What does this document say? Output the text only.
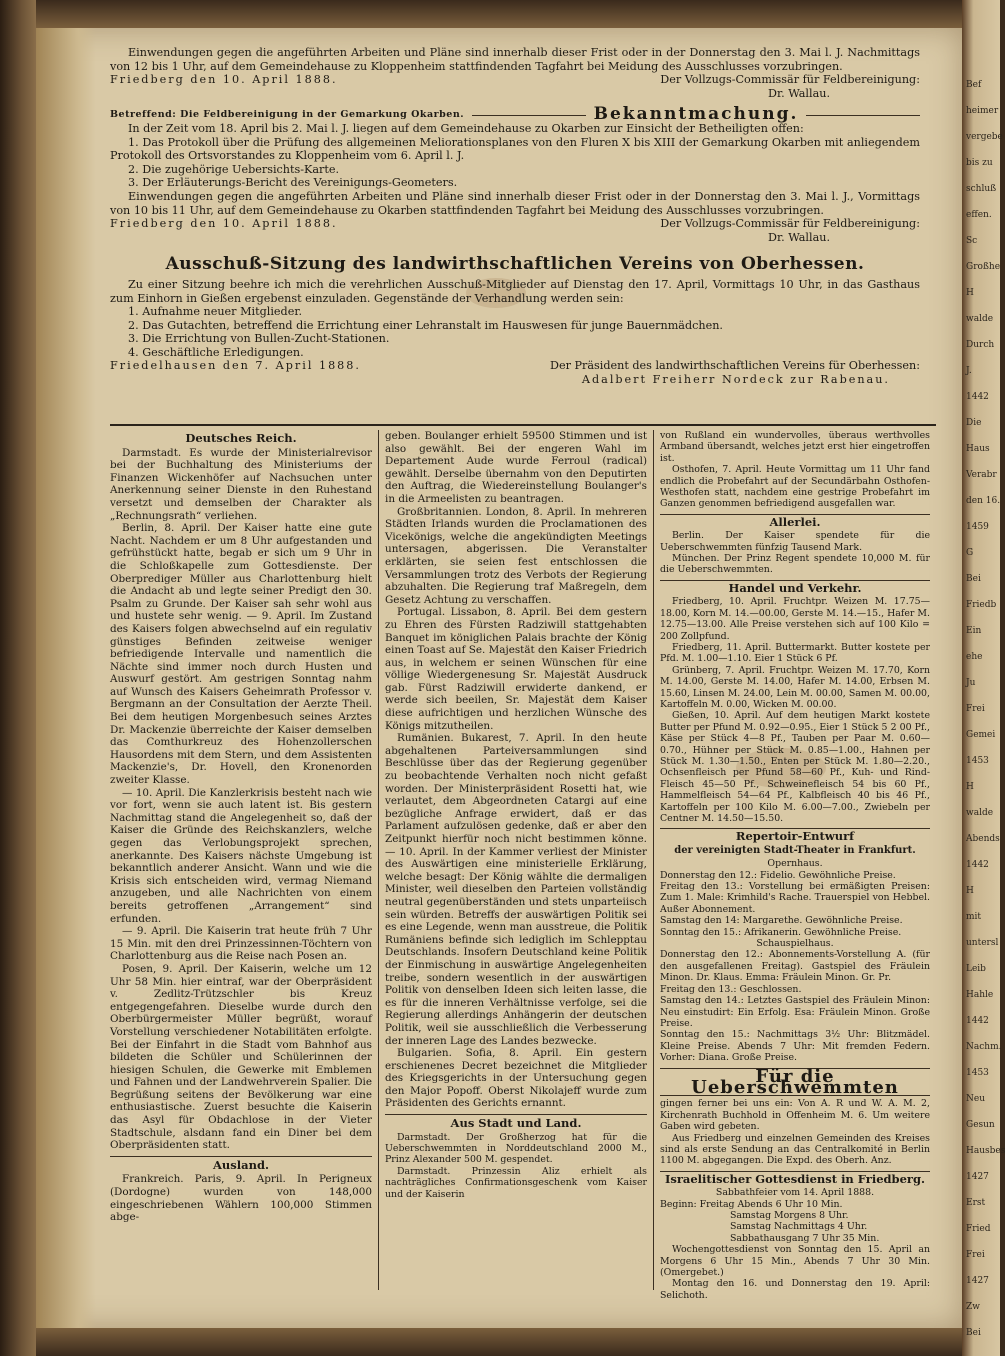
Einwendungen gegen die angeführten Arbeiten und Pläne sind innerhalb dieser Frist oder in der Donnerstag den 3. Mai l. J. Nachmittags von 12 bis 1 Uhr, auf dem Gemeindehause zu Kloppenheim stattfindenden Tagfahrt bei Meidung des Ausschlusses vorzubringen.

Friedberg den 10. April 1888.	Der Vollzugs-Commissär für Feldbereinigung:
Dr. Wallau.
Betreffend: Die Feldbereinigung in der Gemarkung Okarben.	Bekanntmachung.

In der Zeit vom 18. April bis 2. Mai l. J. liegen auf dem Gemeindehause zu Okarben zur Einsicht der Betheiligten offen:

1. Das Protokoll über die Prüfung des allgemeinen Meliorationsplanes von den Fluren X bis XIII der Gemarkung Okarben mit anliegendem Protokoll des Ortsvorstandes zu Kloppenheim vom 6. April l. J.

2. Die zugehörige Uebersichts-Karte.

3. Der Erläuterungs-Bericht des Vereinigungs-Geometers.

Einwendungen gegen die angeführten Arbeiten und Pläne sind innerhalb dieser Frist oder in der Donnerstag den 3. Mai l. J., Vormittags von 10 bis 11 Uhr, auf dem Gemeindehause zu Okarben stattfindenden Tagfahrt bei Meidung des Ausschlusses vorzubringen.

Friedberg den 10. April 1888.	Der Vollzugs-Commissär für Feldbereinigung:
Dr. Wallau.
Ausschuß-Sitzung des landwirthschaftlichen Vereins von Oberhessen.

Zu einer Sitzung beehre ich mich die verehrlichen Ausschuß-Mitglieder auf Dienstag den 17. April, Vormittags 10 Uhr, in das Gasthaus zum Einhorn in Gießen ergebenst einzuladen. Gegenstände der Verhandlung werden sein:

1. Aufnahme neuer Mitglieder.

2. Das Gutachten, betreffend die Errichtung einer Lehranstalt im Hauswesen für junge Bauernmädchen.

3. Die Errichtung von Bullen-Zucht-Stationen.

4. Geschäftliche Erledigungen.

Friedelhausen den 7. April 1888.	Der Präsident des landwirthschaftlichen Vereins für Oberhessen:
Adalbert Freiherr Nordeck zur Rabenau.
Deutsches Reich.

Darmstadt. Es wurde der Ministerialrevisor bei der Buchhaltung des Ministeriums der Finanzen Wickenhöfer auf Nachsuchen unter Anerkennung seiner Dienste in den Ruhestand versetzt und demselben der Charakter als „Rechnungsrath“ verliehen.

Berlin, 8. April. Der Kaiser hatte eine gute Nacht. Nachdem er um 8 Uhr aufgestanden und gefrühstückt hatte, begab er sich um 9 Uhr in die Schloßkapelle zum Gottesdienste. Der Oberprediger Müller aus Charlottenburg hielt die Andacht ab und legte seiner Predigt den 30. Psalm zu Grunde. Der Kaiser sah sehr wohl aus und hustete sehr wenig. — 9. April. Im Zustand des Kaisers folgen abwechselnd auf ein regulativ günstiges Befinden zeitweise weniger befriedigende Intervalle und namentlich die Nächte sind immer noch durch Husten und Auswurf gestört. Am gestrigen Sonntag nahm auf Wunsch des Kaisers Geheimrath Professor v. Bergmann an der Consultation der Aerzte Theil. Bei dem heutigen Morgenbesuch seines Arztes Dr. Mackenzie überreichte der Kaiser demselben das Comthurkreuz des Hohenzollerschen Hausordens mit dem Stern, und dem Assistenten Mackenzie's, Dr. Hovell, den Kronenorden zweiter Klasse.

— 10. April. Die Kanzlerkrisis besteht nach wie vor fort, wenn sie auch latent ist. Bis gestern Nachmittag stand die Angelegenheit so, daß der Kaiser die Gründe des Reichskanzlers, welche gegen das Verlobungsprojekt sprechen, anerkannte. Des Kaisers nächste Umgebung ist bekanntlich anderer Ansicht. Wann und wie die Krisis sich entscheiden wird, vermag Niemand anzugeben, und alle Nachrichten von einem bereits getroffenen „Arrangement“ sind erfunden.

— 9. April. Die Kaiserin trat heute früh 7 Uhr 15 Min. mit den drei Prinzessinnen-Töchtern von Charlottenburg aus die Reise nach Posen an.

Posen, 9. April. Der Kaiserin, welche um 12 Uhr 58 Min. hier eintraf, war der Oberpräsident v. Zedlitz-Trützschler bis Kreuz entgegengefahren. Dieselbe wurde durch den Oberbürgermeister Müller begrüßt, worauf Vorstellung verschiedener Notabilitäten erfolgte. Bei der Einfahrt in die Stadt vom Bahnhof aus bildeten die Schüler und Schülerinnen der hiesigen Schulen, die Gewerke mit Emblemen und Fahnen und der Landwehrverein Spalier. Die Begrüßung seitens der Bevölkerung war eine enthusiastische. Zuerst besuchte die Kaiserin das Asyl für Obdachlose in der Vieter Stadtschule, alsdann fand ein Diner bei dem Oberpräsidenten statt.

Ausland.

Frankreich. Paris, 9. April. In Perigneux (Dordogne) wurden von 148,000 eingeschriebenen Wählern 100,000 Stimmen abge-

geben. Boulanger erhielt 59500 Stimmen und ist also gewählt. Bei der engeren Wahl im Departement Aude wurde Ferroul (radical) gewählt. Derselbe übernahm von den Deputirten den Auftrag, die Wiedereinstellung Boulanger's in die Armeelisten zu beantragen.

Großbritannien. London, 8. April. In mehreren Städten Irlands wurden die Proclamationen des Vicekönigs, welche die angekündigten Meetings untersagen, abgerissen. Die Veranstalter erklärten, sie seien fest entschlossen die Versammlungen trotz des Verbots der Regierung abzuhalten. Die Regierung traf Maßregeln, dem Gesetz Achtung zu verschaffen.

Portugal. Lissabon, 8. April. Bei dem gestern zu Ehren des Fürsten Radziwill stattgehabten Banquet im königlichen Palais brachte der König einen Toast auf Se. Majestät den Kaiser Friedrich aus, in welchem er seinen Wünschen für eine völlige Wiedergenesung Sr. Majestät Ausdruck gab. Fürst Radziwill erwiderte dankend, er werde sich beeilen, Sr. Majestät dem Kaiser diese aufrichtigen und herzlichen Wünsche des Königs mitzutheilen.

Rumänien. Bukarest, 7. April. In den heute abgehaltenen Parteiversammlungen sind Beschlüsse über das der Regierung gegenüber zu beobachtende Verhalten noch nicht gefaßt worden. Der Ministerpräsident Rosetti hat, wie verlautet, dem Abgeordneten Catargi auf eine bezügliche Anfrage erwidert, daß er das Parlament aufzulösen gedenke, daß er aber den Zeitpunkt hierfür noch nicht bestimmen könne. — 10. April. In der Kammer verliest der Minister des Auswärtigen eine ministerielle Erklärung, welche besagt: Der König wählte die dermaligen Minister, weil dieselben den Parteien vollständig neutral gegenüberständen und stets unparteiisch sein würden. Betreffs der auswärtigen Politik sei es eine Legende, wenn man ausstreue, die Politik Rumäniens befinde sich lediglich im Schlepptau Deutschlands. Insofern Deutschland keine Politik der Einmischung in auswärtige Angelegenheiten treibe, sondern wesentlich in der auswärtigen Politik von denselben Ideen sich leiten lasse, die es für die inneren Verhältnisse verfolge, sei die Regierung allerdings Anhängerin der deutschen Politik, weil sie ausschließlich die Verbesserung der inneren Lage des Landes bezwecke.

Bulgarien. Sofia, 8. April. Ein gestern erschienenes Decret bezeichnet die Mitglieder des Kriegsgerichts in der Untersuchung gegen den Major Popoff. Oberst Nikolajeff wurde zum Präsidenten des Gerichts ernannt.

Aus Stadt und Land.

Darmstadt. Der Großherzog hat für die Ueberschwemmten in Norddeutschland 2000 M., Prinz Alexander 500 M. gespendet.

Darmstadt. Prinzessin Aliz erhielt als nachträgliches Confirmationsgeschenk vom Kaiser und der Kaiserin

von Rußland ein wundervolles, überaus werthvolles Armband übersandt, welches jetzt erst hier eingetroffen ist.

Osthofen, 7. April. Heute Vormittag um 11 Uhr fand endlich die Probefahrt auf der Secundärbahn Osthofen-Westhofen statt, nachdem eine gestrige Probefahrt im Ganzen genommen befriedigend ausgefallen war.

Allerlei.

Berlin. Der Kaiser spendete für die Ueberschwemmten fünfzig Tausend Mark.

München. Der Prinz Regent spendete 10,000 M. für die Ueberschwemmten.

Handel und Verkehr.

Friedberg, 10. April. Fruchtpr. Weizen M. 17.75—18.00, Korn M. 14.—00.00, Gerste M. 14.—15., Hafer M. 12.75—13.00. Alle Preise verstehen sich auf 100 Kilo = 200 Zollpfund.

Friedberg, 11. April. Buttermarkt. Butter kostete per Pfd. M. 1.00—1.10. Eier 1 Stück 6 Pf.

Grünberg, 7. April. Fruchtpr. Weizen M. 17.70, Korn M. 14.00, Gerste M. 14.00, Hafer M. 14.00, Erbsen M. 15.60, Linsen M. 24.00, Lein M. 00.00, Samen M. 00.00, Kartoffeln M. 0.00, Wicken M. 00.00.

Gießen, 10. April. Auf dem heutigen Markt kostete Butter per Pfund M. 0.92—0.95., Eier 1 Stück 5 2 00 Pf., Käse per Stück 4—8 Pf., Tauben per Paar M. 0.60—0.70., Hühner per Stück M. 0.85—1.00., Hahnen per Stück M. 1.30—1.50., Enten per Stück M. 1.80—2.20., Ochsenfleisch per Pfund 58—60 Pf., Kuh- und Rind-Fleisch 45—50 Pf., Schweinefleisch 54 bis 60 Pf., Hammelfleisch 54—64 Pf., Kalbfleisch 40 bis 46 Pf., Kartoffeln per 100 Kilo M. 6.00—7.00., Zwiebeln per Centner M. 14.50—15.50.

Repertoir-Entwurf
der vereinigten Stadt-Theater in Frankfurt.

Opernhaus.

Donnerstag den 12.: Fidelio. Gewöhnliche Preise.

Freitag den 13.: Vorstellung bei ermäßigten Preisen: Zum 1. Male: Krimhild's Rache. Trauerspiel von Hebbel. Außer Abonnement.

Samstag den 14: Margarethe. Gewöhnliche Preise.

Sonntag den 15.: Afrikanerin. Gewöhnliche Preise.

Schauspielhaus.

Donnerstag den 12.: Abonnements-Vorstellung A. (für den ausgefallenen Freitag). Gastspiel des Fräulein Minon. Dr. Klaus. Emma: Fräulein Minon. Gr. Pr.

Freitag den 13.: Geschlossen.

Samstag den 14.: Letztes Gastspiel des Fräulein Minon: Neu einstudirt: Ein Erfolg. Esa: Fräulein Minon. Große Preise.

Sonntag den 15.: Nachmittags 3½ Uhr: Blitzmädel. Kleine Preise. Abends 7 Uhr: Mit fremden Federn. Vorher: Diana. Große Preise.

Für die Ueberschwemmten

gingen ferner bei uns ein: Von A. R und W. A. M. 2, Kirchenrath Buchhold in Offenheim M. 6. Um weitere Gaben wird gebeten.

Aus Friedberg und einzelnen Gemeinden des Kreises sind als erste Sendung an das Centralkomité in Berlin 1100 M. abgegangen. Die Expd. des Oberh. Anz.

Israelitischer Gottesdienst in Friedberg.

Sabbathfeier vom 14. April 1888.

Beginn: Freitag Abends 6 Uhr 10 Min.

Samstag Morgens 8 Uhr.

Samstag Nachmittags 4 Uhr.

Sabbathausgang 7 Uhr 35 Min.

Wochengottesdienst von Sonntag den 15. April an Morgens 6 Uhr 15 Min., Abends 7 Uhr 30 Min. (Omergebet.)

Montag den 16. und Donnerstag den 19. April: Selichoth.

Bef
heimer
vergebe
bis zu
schluß
effen.
Sc
Großhe
H
walde
Durch
J.
1442
Die
Haus
Verabr
den 16.
1459
G
Bei
Friedb
Ein
ehe
Ju
Frei
Gemei
1453
H
walde
Abends
1442
H
mit
untersl
Leib
Hahle
1442
Nachm.
1453
Neu
Gesun
Hausbes
1427
Erst
Fried
Frei
1427
Zw
Bei
